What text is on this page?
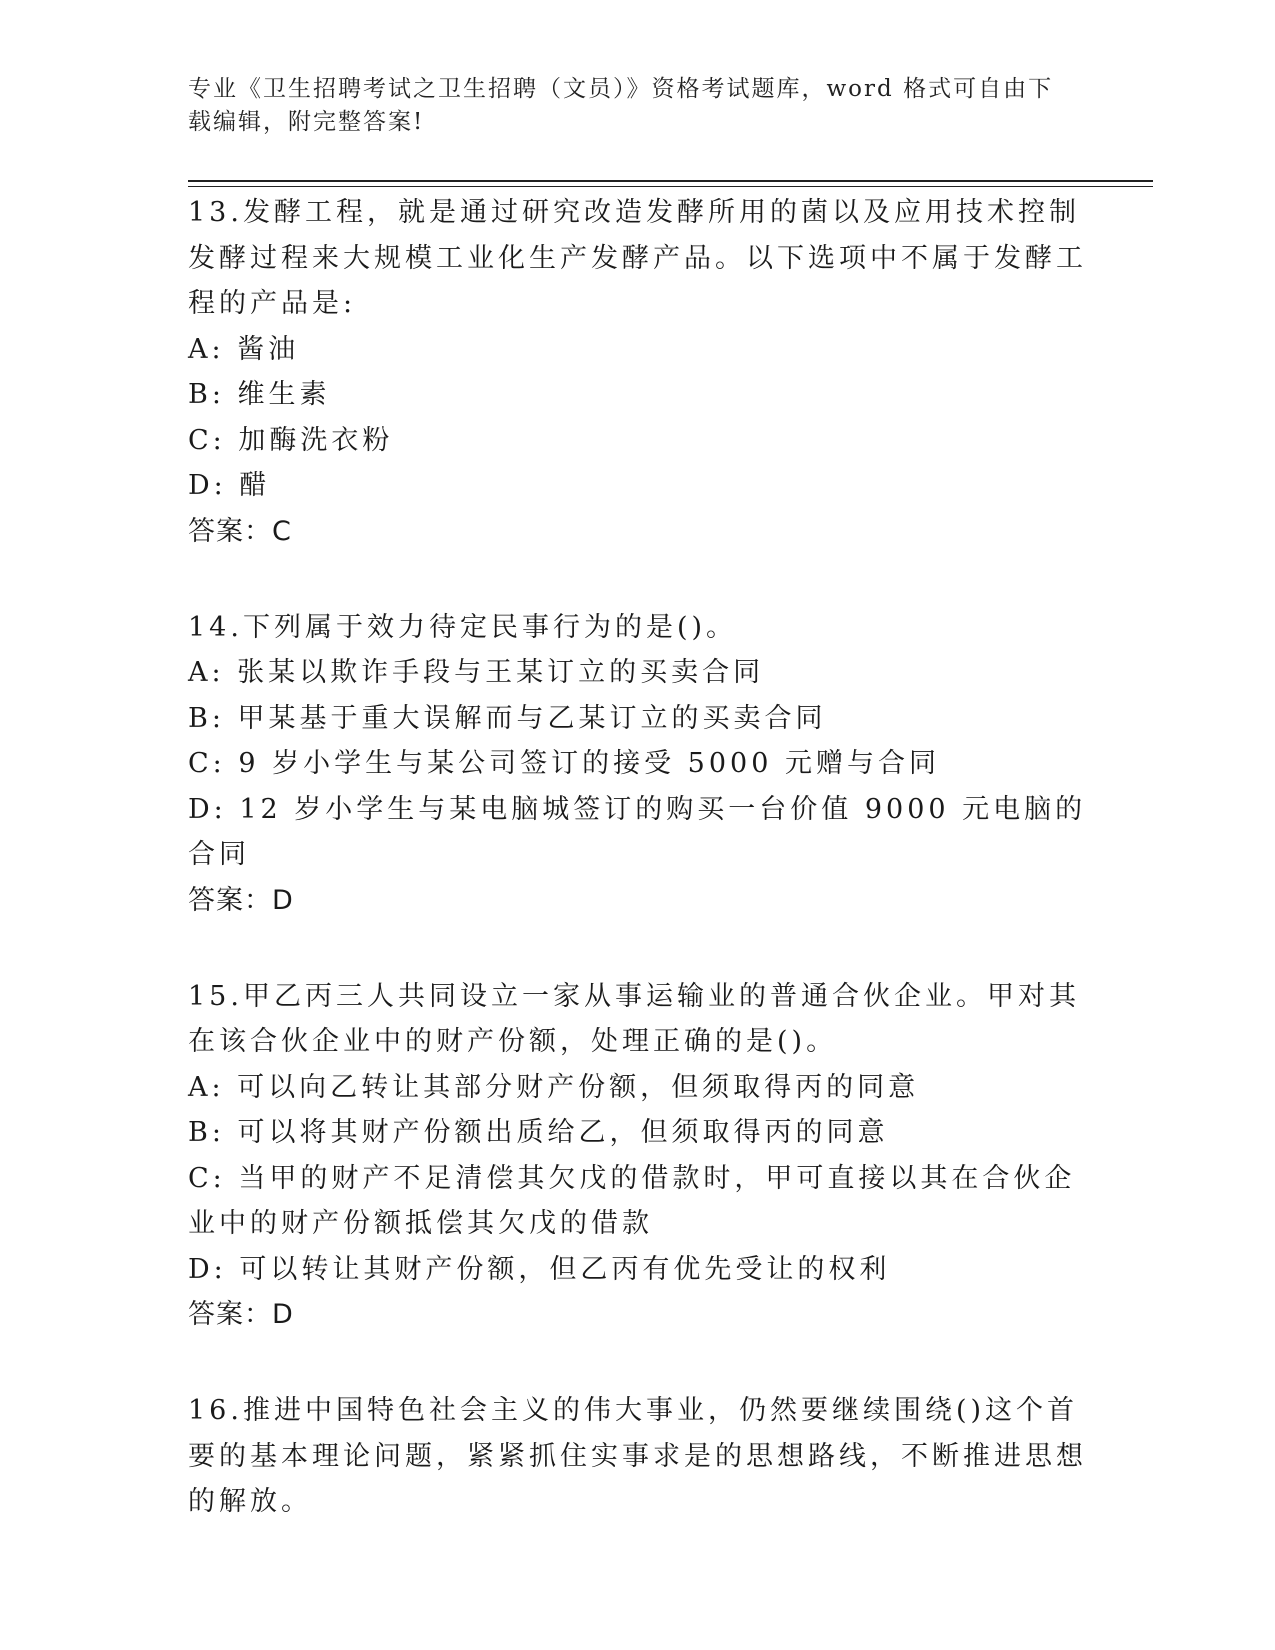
专业《卫生招聘考试之卫生招聘（文员）》资格考试题库，word 格式可自由下载编辑，附完整答案!

13.发酵工程，就是通过研究改造发酵所用的菌以及应用技术控制发酵过程来大规模工业化生产发酵产品。以下选项中不属于发酵工程的产品是:

A: 酱油

B: 维生素

C: 加酶洗衣粉

D: 醋

答案：C

14.下列属于效力待定民事行为的是()。

A: 张某以欺诈手段与王某订立的买卖合同

B: 甲某基于重大误解而与乙某订立的买卖合同

C: 9 岁小学生与某公司签订的接受 5000 元赠与合同

D: 12 岁小学生与某电脑城签订的购买一台价值 9000 元电脑的合同

答案：D

15.甲乙丙三人共同设立一家从事运输业的普通合伙企业。甲对其在该合伙企业中的财产份额，处理正确的是()。

A: 可以向乙转让其部分财产份额，但须取得丙的同意

B: 可以将其财产份额出质给乙，但须取得丙的同意

C: 当甲的财产不足清偿其欠戊的借款时，甲可直接以其在合伙企业中的财产份额抵偿其欠戊的借款

D: 可以转让其财产份额，但乙丙有优先受让的权利

答案：D

16.推进中国特色社会主义的伟大事业，仍然要继续围绕()这个首要的基本理论问题，紧紧抓住实事求是的思想路线，不断推进思想的解放。
